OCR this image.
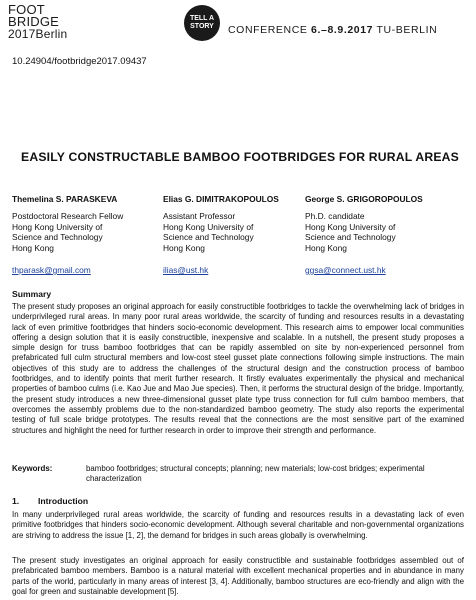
FOOT
BRIDGE
2017Berlin
TELL A
STORY CONFERENCE 6.–8.9.2017 TU-BERLIN
10.24904/footbridge2017.09437
EASILY CONSTRUCTABLE BAMBOO FOOTBRIDGES FOR RURAL AREAS
Themelina S. PARASKEVA
Postdoctoral Research Fellow
Hong Kong University of
Science and Technology
Hong Kong
thparask@gmail.com
Elias G. DIMITRAKOPOULOS
Assistant Professor
Hong Kong University of
Science and Technology
Hong Kong
ilias@ust.hk
George S. GRIGOROPOULOS
Ph.D. candidate
Hong Kong University of
Science and Technology
Hong Kong
ggsa@connect.ust.hk
Summary
The present study proposes an original approach for easily constructible footbridges to tackle the overwhelming lack of bridges in underprivileged rural areas. In many poor rural areas worldwide, the scarcity of funding and resources results in a devastating lack of even primitive footbridges that hinders socio-economic development. This research aims to empower local communities offering a design solution that it is easily constructible, inexpensive and scalable. In a nutshell, the present study proposes a simple design for truss bamboo footbridges that can be rapidly assembled on site by non-experienced personnel from prefabricated full culm structural members and low-cost steel gusset plate connections following simple instructions. The main objectives of this study are to address the challenges of the structural design and the construction process of bamboo footbridges, and to identify points that merit further research. It firstly evaluates experimentally the physical and mechanical properties of bamboo culms (i.e. Kao Jue and Mao Jue species). Then, it performs the structural design of the bridge. Importantly, the present study introduces a new three-dimensional gusset plate type truss connection for full culm bamboo members, that overcomes the assembly problems due to the non-standardized bamboo geometry. The study also reports the experimental testing of full scale bridge prototypes. The results reveal that the connections are the most sensitive part of the examined structures and highlight the need for further research in order to improve their strength and performance.
Keywords:	bamboo footbridges; structural concepts; planning; new materials; low-cost bridges; experimental characterization
1. Introduction
In many underprivileged rural areas worldwide, the scarcity of funding and resources results in a devastating lack of even primitive footbridges that hinders socio-economic development. Although several charitable and non-governmental organizations are striving to address the issue [1, 2], the demand for bridges in such areas globally is overwhelming.
The present study investigates an original approach for easily constructible and sustainable footbridges assembled out of prefabricated bamboo members. Bamboo is a natural material with excellent mechanical properties and in abundance in many parts of the world, particularly in many areas of interest [3, 4]. Additionally, bamboo structures are eco-friendly and align with the goal for green and sustainable development [5].
